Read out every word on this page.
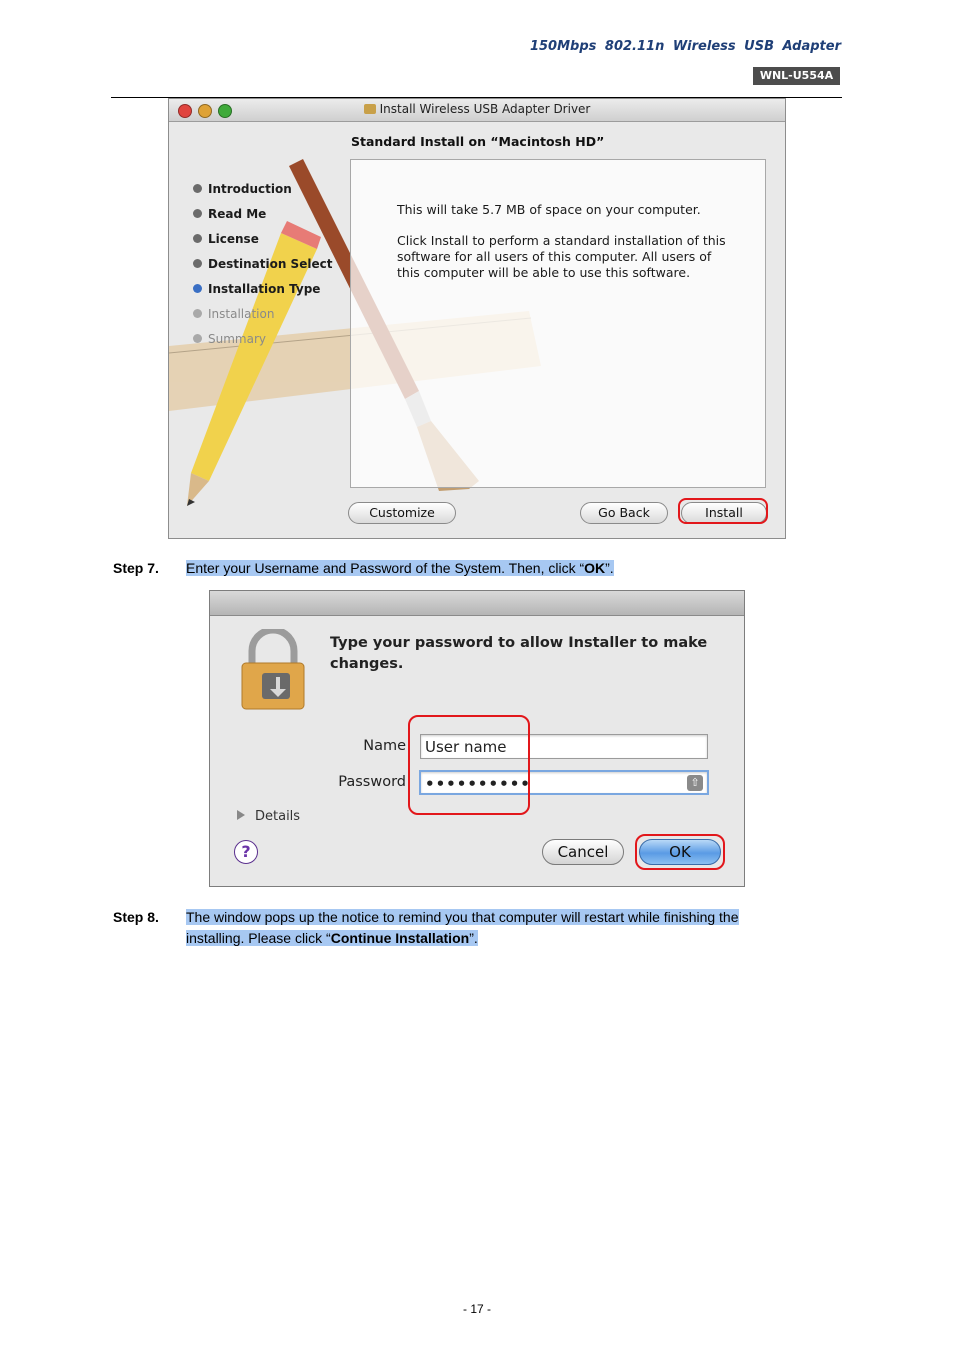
150Mbps 802.11n Wireless USB Adapter
WNL-U554A
Install Wireless USB Adapter Driver
Standard Install on “Macintosh HD”
Introduction
Read Me
License
Destination Select
Installation Type
Installation
Summary

This will take 5.7 MB of space on your computer.

Click Install to perform a standard installation of this software for all users of this computer. All users of this computer will be able to use this software.

Customize	Go Back	Install
Step 7. Enter your Username and Password of the System. Then, click “OK”.
Type your password to allow Installer to make changes.
Name	User name
Password	••••••••••	⇧
Details
?	Cancel	OK
Step 8. The window pops up the notice to remind you that computer will restart while finishing the
installing. Please click “Continue Installation”.
- 17 -
